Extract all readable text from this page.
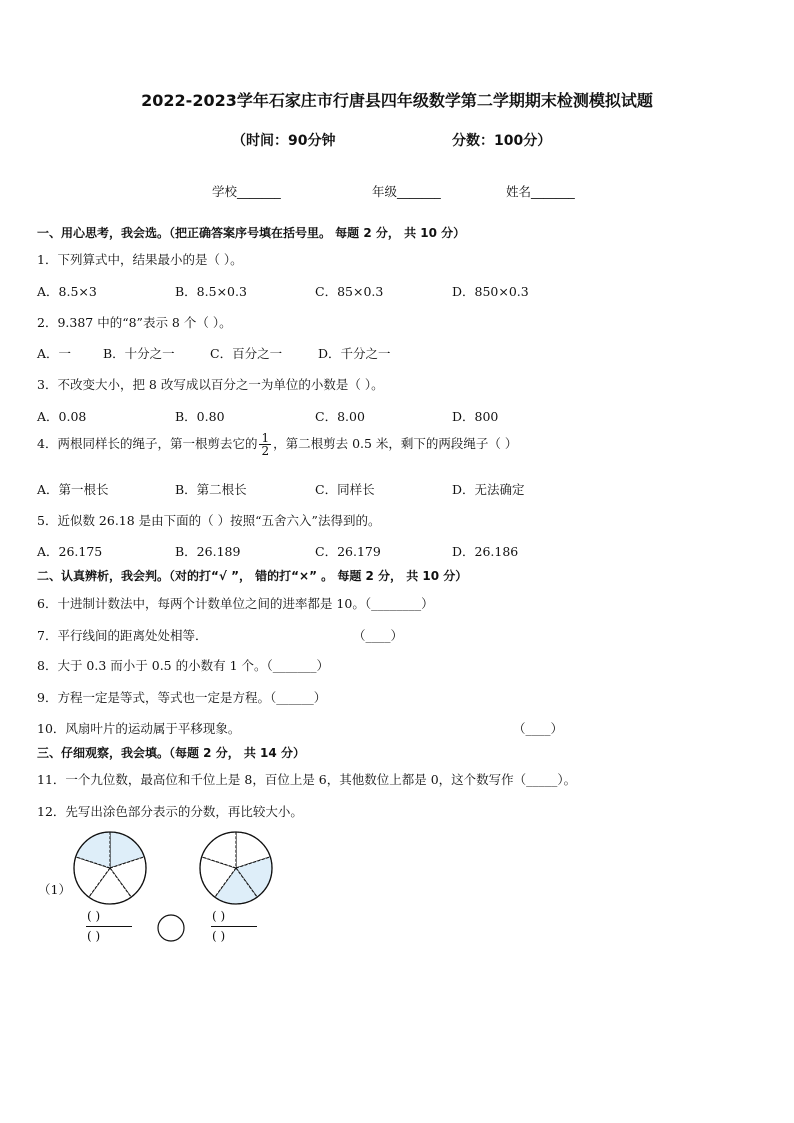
2022-2023学年石家庄市行唐县四年级数学第二学期期末检测模拟试题
（时间：90分钟	分数：100分）
学校_______	年级_______	姓名_______
一、用心思考，我会选。（把正确答案序号填在括号里。 每题 2 分， 共 10 分）
1．下列算式中，结果最小的是（ ）。
A．8.5×3	B．8.5×0.3	C．85×0.3	D．850×0.3
2．9.387 中的“8”表示 8 个（ ）。
A．一	B．十分之一	C．百分之一	D．千分之一
3．不改变大小，把 8 改写成以百分之一为单位的小数是（ ）。
A．0.08	B．0.80	C．8.00	D．800
4．两根同样长的绳子，第一根剪去它的 $\frac{1}{2}$ ，第二根剪去 0.5 米，剩下的两段绳子（ ）
A．第一根长	B．第二根长	C．同样长	D．无法确定
5．近似数 26.18 是由下面的（ ）按照“五舍六入”法得到的。
A．26.175	B．26.189	C．26.179	D．26.186
二、认真辨析，我会判。（对的打“√ ”， 错的打“×” 。 每题 2 分， 共 10 分）
6．十进制计数法中，每两个计数单位之间的进率都是 10。（________）
7．平行线间的距离处处相等．	（____）
8．大于 0.3 而小于 0.5 的小数有 1 个。（_______）
9．方程一定是等式，等式也一定是方程。（______）
10．风扇叶片的运动属于平移现象。	（____）
三、仔细观察，我会填。（每题 2 分， 共 14 分）
11．一个九位数，最高位和千位上是 8，百位上是 6，其他数位上都是 0，这个数写作（_____）。
12．先写出涂色部分表示的分数，再比较大小。
（1）
( )
( )
( )
( )
